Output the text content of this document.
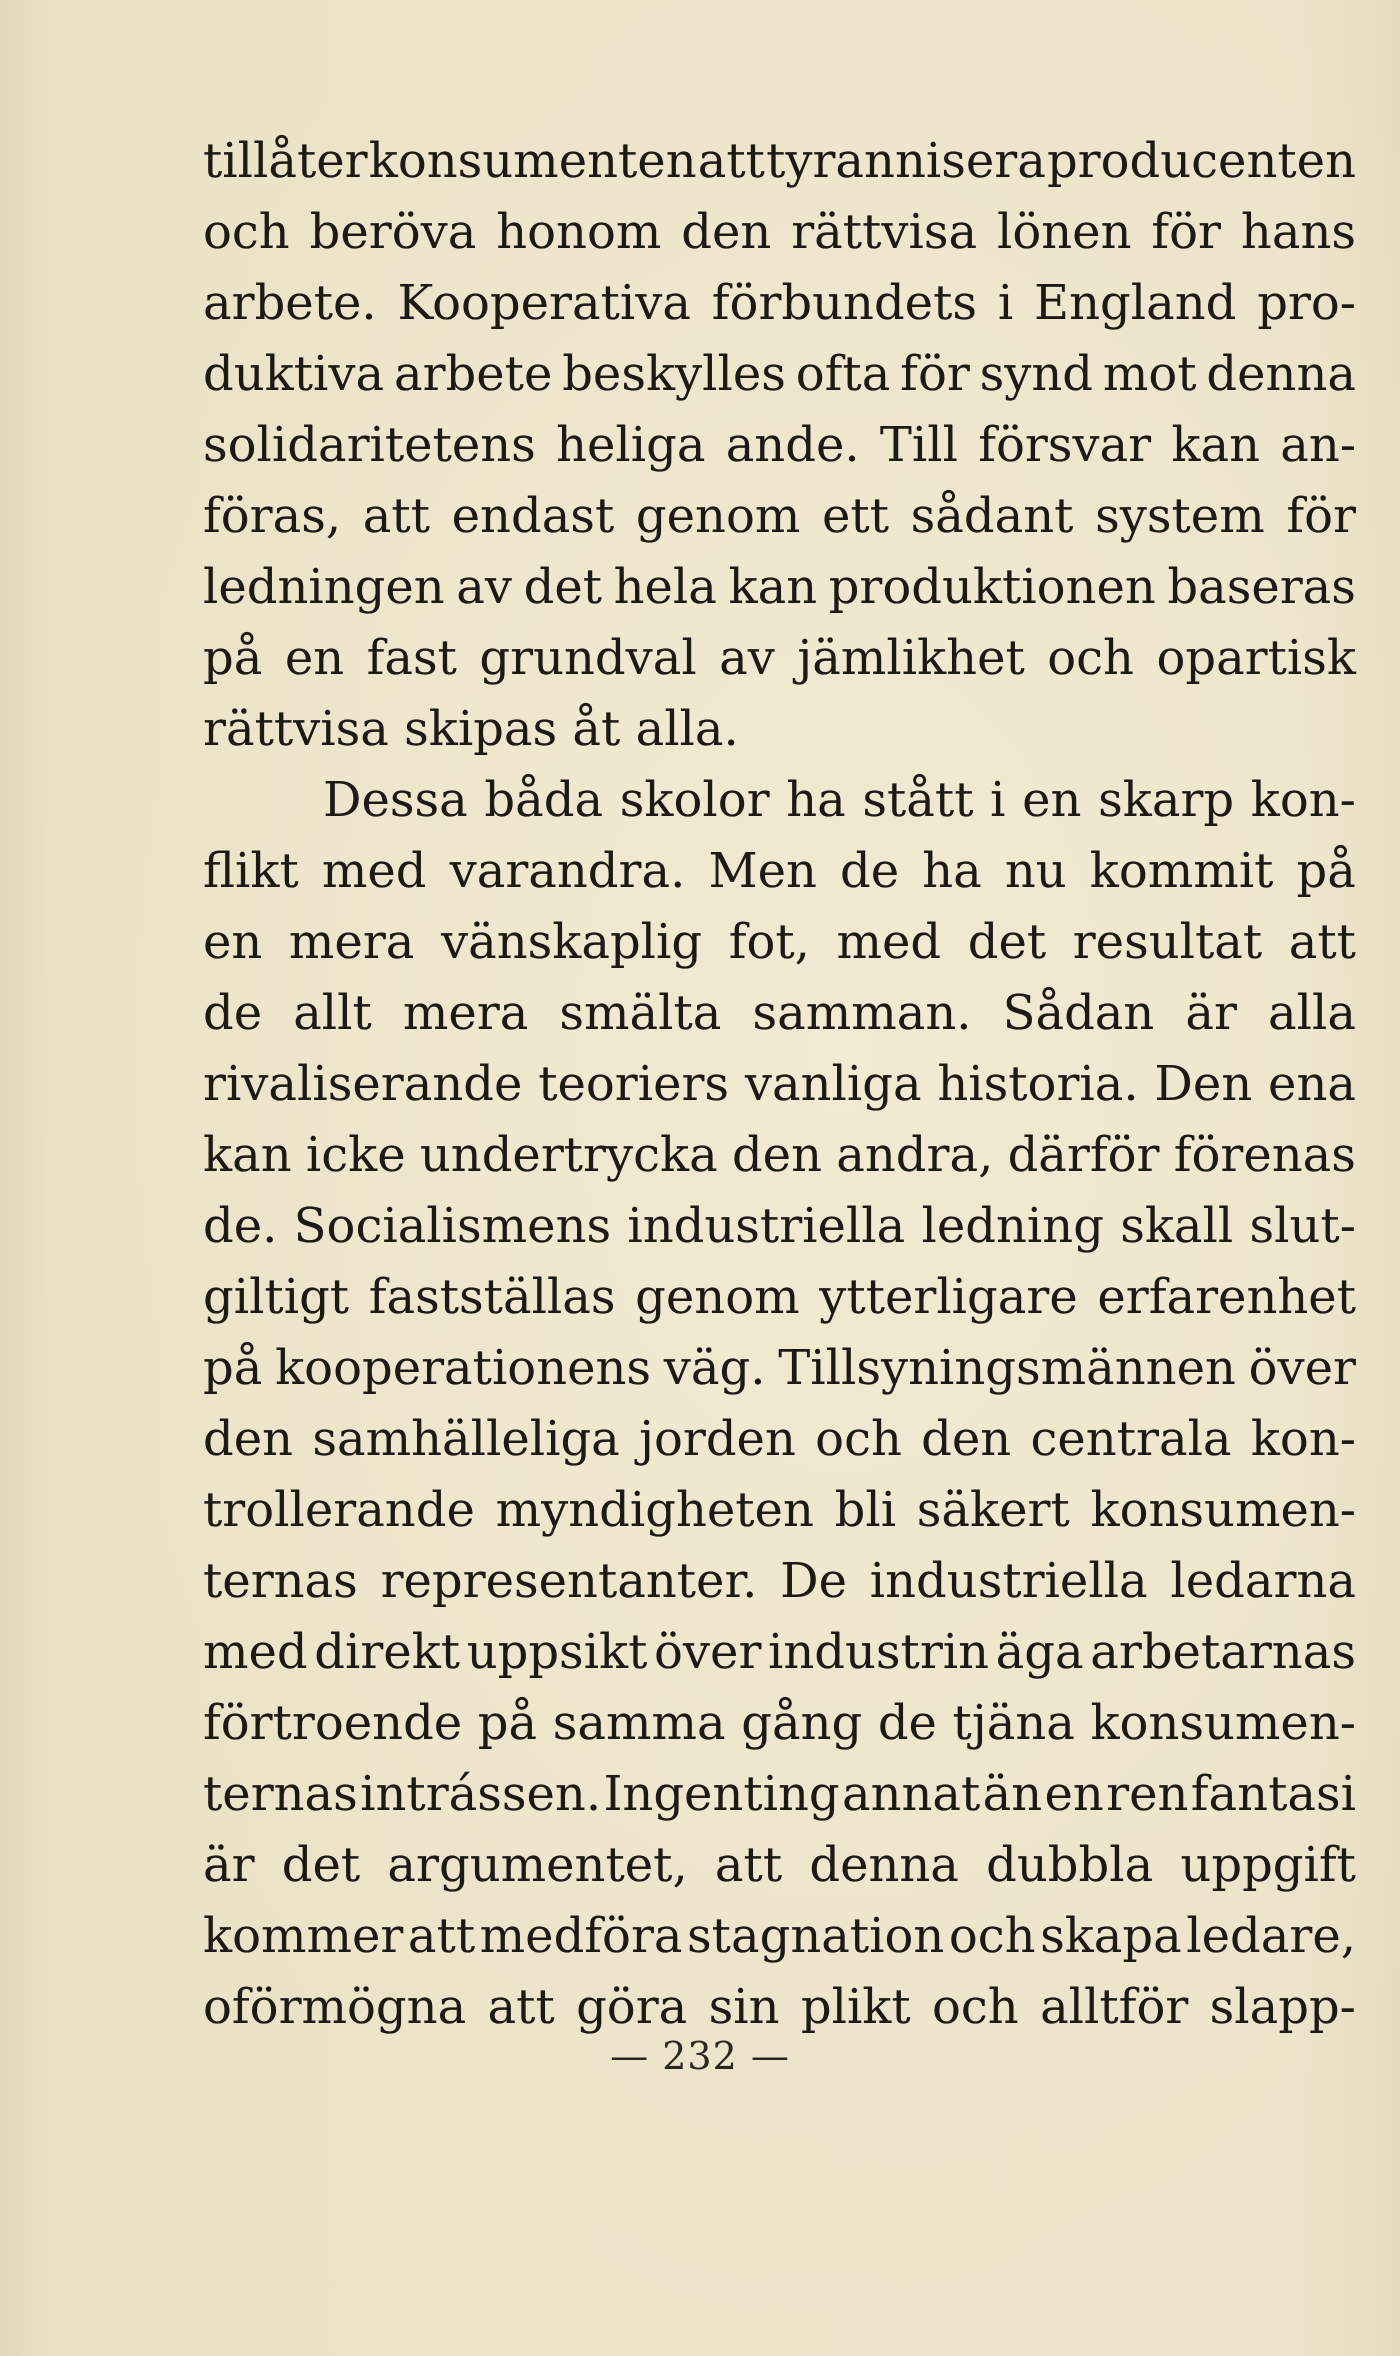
tillåter konsumenten att tyrannisera producenten
och beröva honom den rättvisa lönen för hans
arbete. Kooperativa förbundets i England pro-
duktiva arbete beskylles ofta för synd mot denna
solidaritetens heliga ande. Till försvar kan an-
föras, att endast genom ett sådant system för
ledningen av det hela kan produktionen baseras
på en fast grundval av jämlikhet och opartisk
rättvisa skipas åt alla.
Dessa båda skolor ha stått i en skarp kon-
flikt med varandra. Men de ha nu kommit på
en mera vänskaplig fot, med det resultat att
de allt mera smälta samman. Sådan är alla
rivaliserande teoriers vanliga historia. Den ena
kan icke undertrycka den andra, därför förenas
de. Socialismens industriella ledning skall slut-
giltigt fastställas genom ytterligare erfarenhet
på kooperationens väg. Tillsyningsmännen över
den samhälleliga jorden och den centrala kon-
trollerande myndigheten bli säkert konsumen-
ternas representanter. De industriella ledarna
med direkt uppsikt över industrin äga arbetarnas
förtroende på samma gång de tjäna konsumen-
ternas intrássen. Ingenting annat än en ren fantasi
är det argumentet, att denna dubbla uppgift
kommer att medföra stagnation och skapa ledare,
oförmögna att göra sin plikt och alltför slapp-
— 232 —
